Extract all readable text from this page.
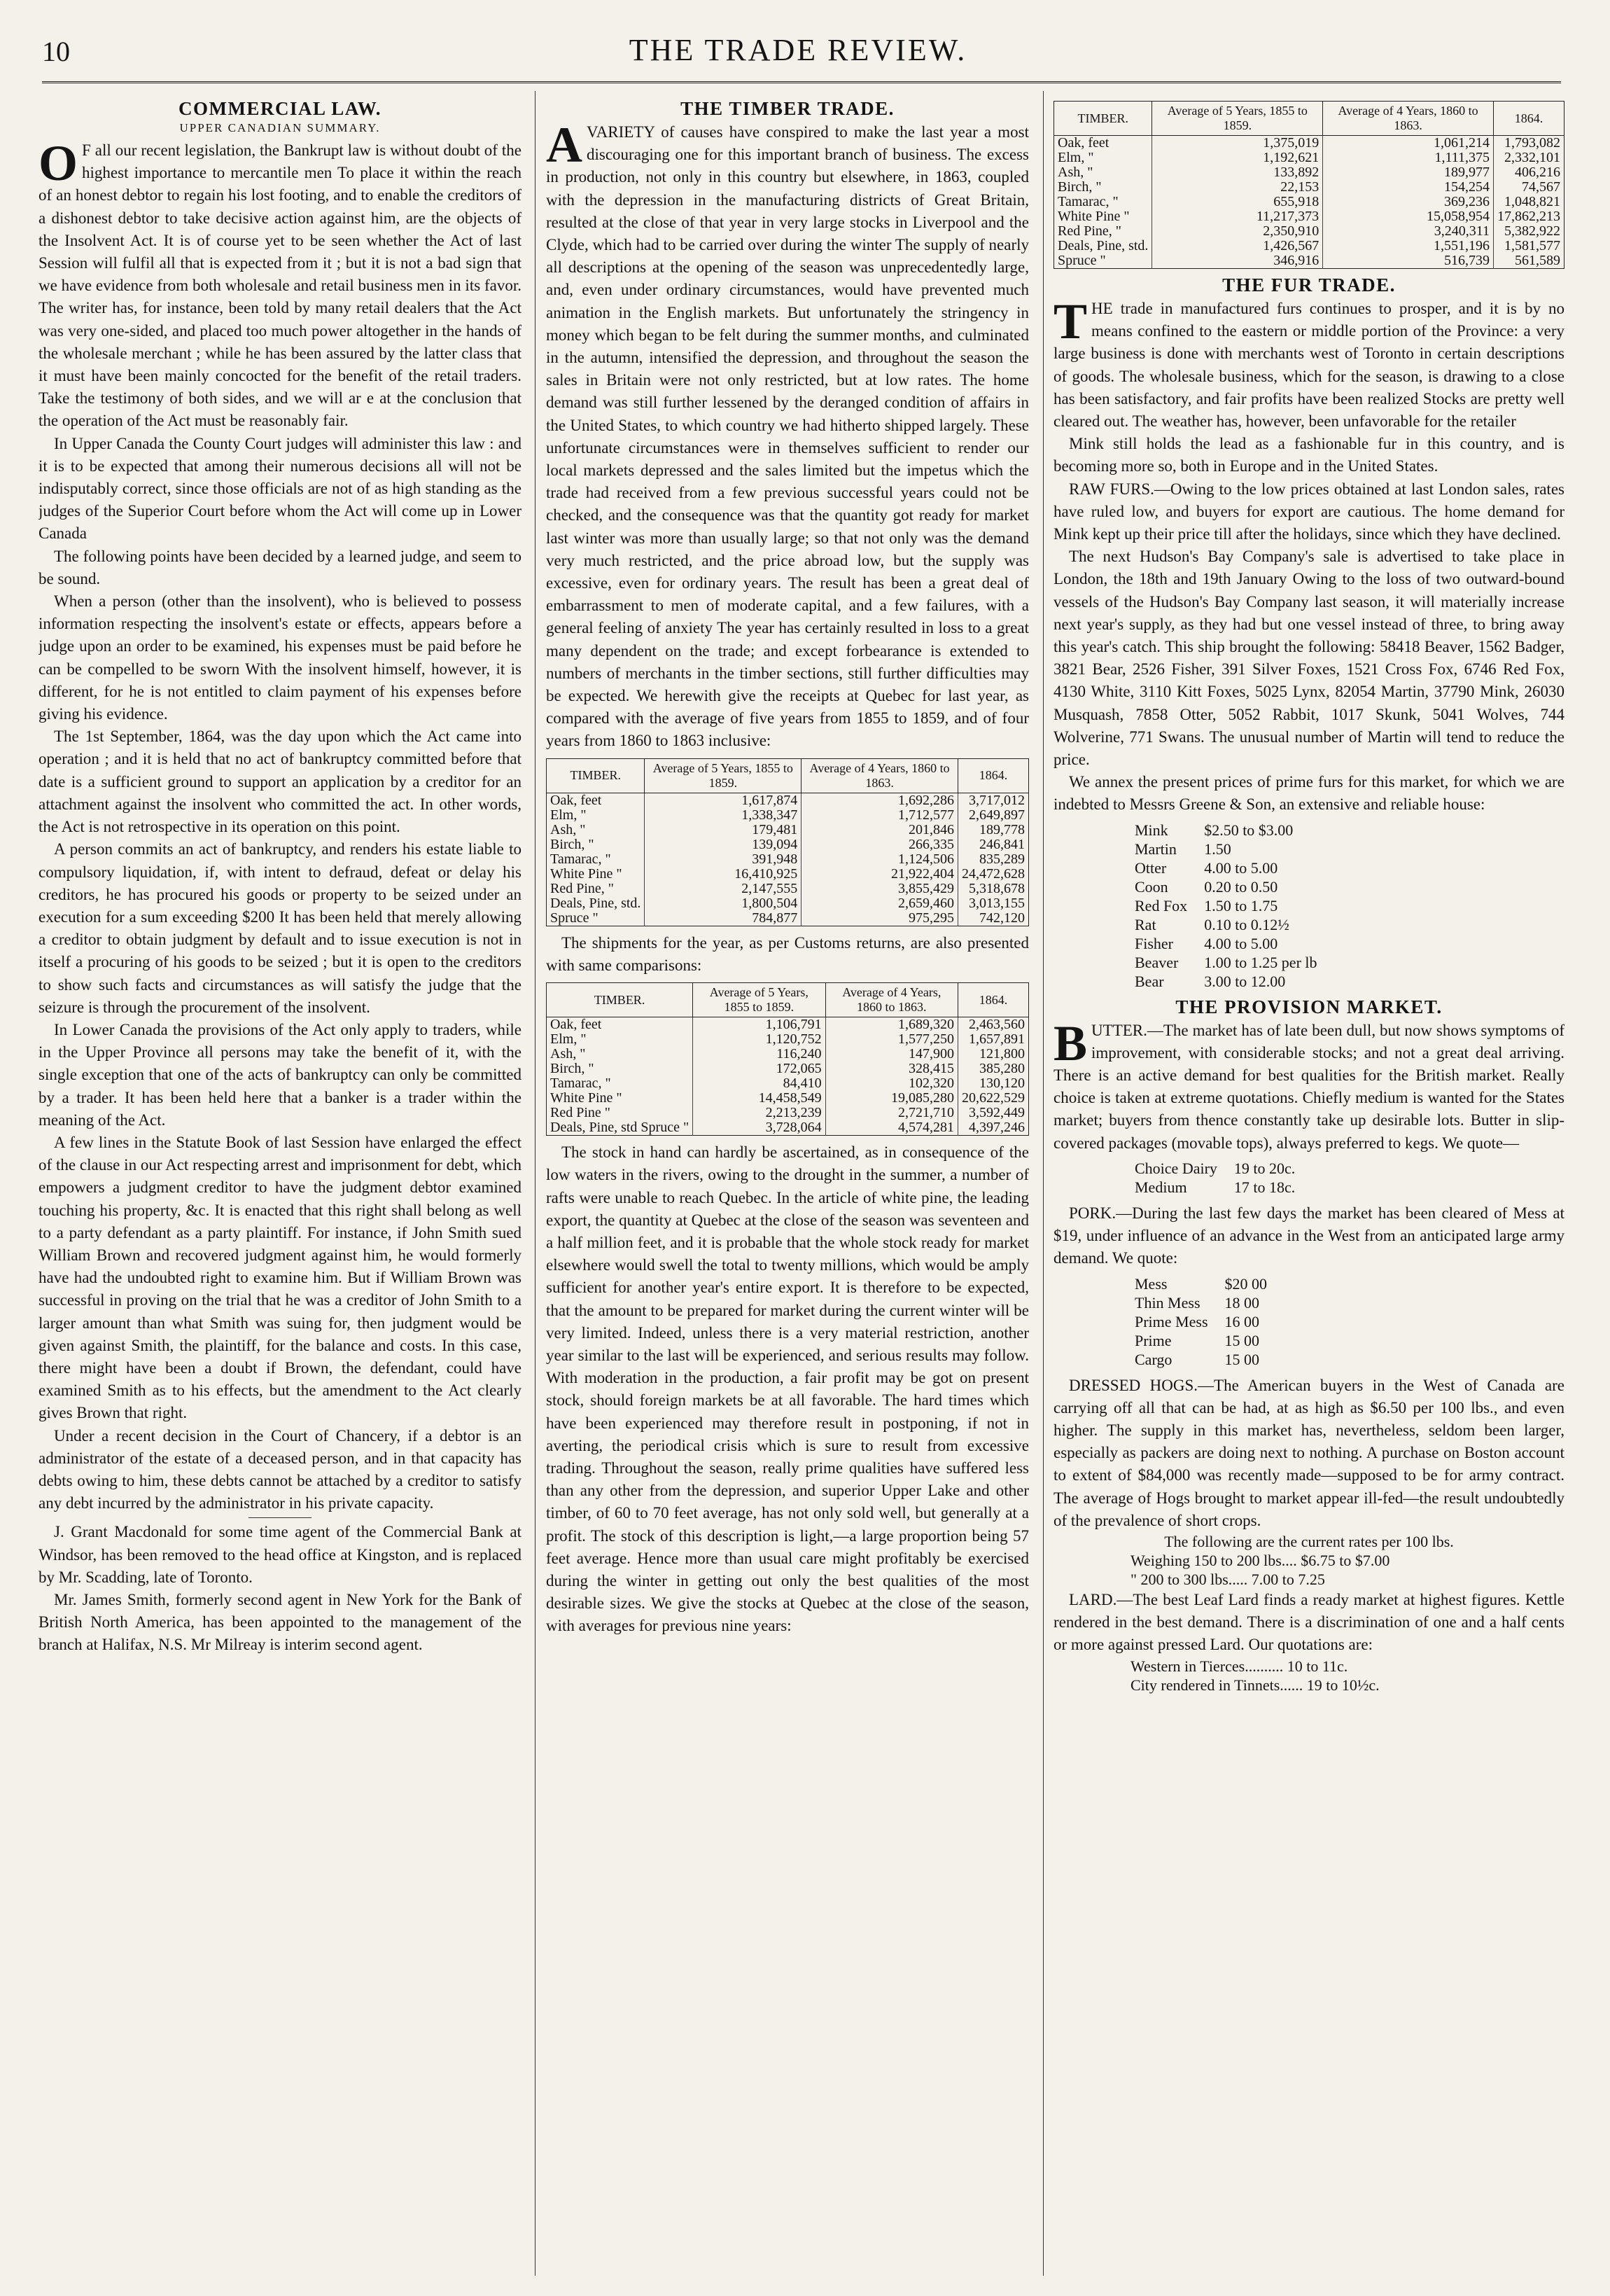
10	THE TRADE REVIEW.
COMMERCIAL LAW.
UPPER CANADIAN SUMMARY.

O F all our recent legislation, the Bankrupt law is without doubt of the highest importance to mercantile men To place it within the reach of an honest debtor to regain his lost footing, and to enable the creditors of a dishonest debtor to take decisive action against him, are the objects of the Insolvent Act. It is of course yet to be seen whether the Act of last Session will fulfil all that is expected from it ; but it is not a bad sign that we have evidence from both wholesale and retail business men in its favor. The writer has, for instance, been told by many retail dealers that the Act was very one-sided, and placed too much power altogether in the hands of the wholesale merchant ; while he has been assured by the latter class that it must have been mainly concocted for the benefit of the retail traders. Take the testimony of both sides, and we will ar e at the conclusion that the operation of the Act must be reasonably fair.

In Upper Canada the County Court judges will administer this law : and it is to be expected that among their numerous decisions all will not be indisputably correct, since those officials are not of as high standing as the judges of the Superior Court before whom the Act will come up in Lower Canada

The following points have been decided by a learned judge, and seem to be sound.

When a person (other than the insolvent), who is believed to possess information respecting the insolvent's estate or effects, appears before a judge upon an order to be examined, his expenses must be paid before he can be compelled to be sworn With the insolvent himself, however, it is different, for he is not entitled to claim payment of his expenses before giving his evidence.

The 1st September, 1864, was the day upon which the Act came into operation ; and it is held that no act of bankruptcy committed before that date is a sufficient ground to support an application by a creditor for an attachment against the insolvent who committed the act. In other words, the Act is not retrospective in its operation on this point.

A person commits an act of bankruptcy, and renders his estate liable to compulsory liquidation, if, with intent to defraud, defeat or delay his creditors, he has procured his goods or property to be seized under an execution for a sum exceeding $200 It has been held that merely allowing a creditor to obtain judgment by default and to issue execution is not in itself a procuring of his goods to be seized ; but it is open to the creditors to show such facts and circumstances as will satisfy the judge that the seizure is through the procurement of the insolvent.

In Lower Canada the provisions of the Act only apply to traders, while in the Upper Province all persons may take the benefit of it, with the single exception that one of the acts of bankruptcy can only be committed by a trader. It has been held here that a banker is a trader within the meaning of the Act.

A few lines in the Statute Book of last Session have enlarged the effect of the clause in our Act respecting arrest and imprisonment for debt, which empowers a judgment creditor to have the judgment debtor examined touching his property, &c. It is enacted that this right shall belong as well to a party defendant as a party plaintiff. For instance, if John Smith sued William Brown and recovered judgment against him, he would formerly have had the undoubted right to examine him. But if William Brown was successful in proving on the trial that he was a creditor of John Smith to a larger amount than what Smith was suing for, then judgment would be given against Smith, the plaintiff, for the balance and costs. In this case, there might have been a doubt if Brown, the defendant, could have examined Smith as to his effects, but the amendment to the Act clearly gives Brown that right.

Under a recent decision in the Court of Chancery, if a debtor is an administrator of the estate of a deceased person, and in that capacity has debts owing to him, these debts cannot be attached by a creditor to satisfy any debt incurred by the administrator in his private capacity.

J. Grant Macdonald for some time agent of the Commercial Bank at Windsor, has been removed to the head office at Kingston, and is replaced by Mr. Scadding, late of Toronto.

Mr. James Smith, formerly second agent in New York for the Bank of British North America, has been appointed to the management of the branch at Halifax, N.S. Mr Milreay is interim second agent.

THE TIMBER TRADE.

AVARIETY of causes have conspired to make the last year a most discouraging one for this important branch of business. The excess in production, not only in this country but elsewhere, in 1863, coupled with the depression in the manufacturing districts of Great Britain, resulted at the close of that year in very large stocks in Liverpool and the Clyde, which had to be carried over during the winter The supply of nearly all descriptions at the opening of the season was unprecedentedly large, and, even under ordinary circumstances, would have prevented much animation in the English markets. But unfortunately the stringency in money which began to be felt during the summer months, and culminated in the autumn, intensified the depression, and throughout the season the sales in Britain were not only restricted, but at low rates. The home demand was still further lessened by the deranged condition of affairs in the United States, to which country we had hitherto shipped largely. These unfortunate circumstances were in themselves sufficient to render our local markets depressed and the sales limited but the impetus which the trade had received from a few previous successful years could not be checked, and the consequence was that the quantity got ready for market last winter was more than usually large; so that not only was the demand very much restricted, and the price abroad low, but the supply was excessive, even for ordinary years. The result has been a great deal of embarrassment to men of moderate capital, and a few failures, with a general feeling of anxiety The year has certainly resulted in loss to a great many dependent on the trade; and except forbearance is extended to numbers of merchants in the timber sections, still further difficulties may be expected. We herewith give the receipts at Quebec for last year, as compared with the average of five years from 1855 to 1859, and of four years from 1860 to 1863 inclusive:

TIMBER.	Average of 5 Years, 1855 to 1859.	Average of 4 Years, 1860 to 1863.	1864.
Oak, feet	1,617,874	1,692,286	3,717,012
Elm, "	1,338,347	1,712,577	2,649,897
Ash, "	179,481	201,846	189,778
Birch, "	139,094	266,335	246,841
Tamarac, "	391,948	1,124,506	835,289
White Pine "	16,410,925	21,922,404	24,472,628
Red Pine, "	2,147,555	3,855,429	5,318,678
Deals, Pine, std.	1,800,504	2,659,460	3,013,155
Spruce "	784,877	975,295	742,120

The shipments for the year, as per Customs returns, are also presented with same comparisons:

TIMBER.	Average of 5 Years, 1855 to 1859.	Average of 4 Years, 1860 to 1863.	1864.
Oak, feet	1,106,791	1,689,320	2,463,560
Elm, "	1,120,752	1,577,250	1,657,891
Ash, "	116,240	147,900	121,800
Birch, "	172,065	328,415	385,280
Tamarac, "	84,410	102,320	130,120
White Pine "	14,458,549	19,085,280	20,622,529
Red Pine "	2,213,239	2,721,710	3,592,449
Deals, Pine, std Spruce "	3,728,064	4,574,281	4,397,246

The stock in hand can hardly be ascertained, as in consequence of the low waters in the rivers, owing to the drought in the summer, a number of rafts were unable to reach Quebec. In the article of white pine, the leading export, the quantity at Quebec at the close of the season was seventeen and a half million feet, and it is probable that the whole stock ready for market elsewhere would swell the total to twenty millions, which would be amply sufficient for another year's entire export. It is therefore to be expected, that the amount to be prepared for market during the current winter will be very limited. Indeed, unless there is a very material restriction, another year similar to the last will be experienced, and serious results may follow. With moderation in the production, a fair profit may be got on present stock, should foreign markets be at all favorable. The hard times which have been experienced may therefore result in postponing, if not in averting, the periodical crisis which is sure to result from excessive trading. Throughout the season, really prime qualities have suffered less than any other from the depression, and superior Upper Lake and other timber, of 60 to 70 feet average, has not only sold well, but generally at a profit. The stock of this description is light,—a large proportion being 57 feet average. Hence more than usual care might profitably be exercised during the winter in getting out only the best qualities of the most desirable sizes. We give the stocks at Quebec at the close of the season, with averages for previous nine years:

TIMBER.	Average of 5 Years, 1855 to 1859.	Average of 4 Years, 1860 to 1863.	1864.
Oak, feet	1,375,019	1,061,214	1,793,082
Elm, "	1,192,621	1,111,375	2,332,101
Ash, "	133,892	189,977	406,216
Birch, "	22,153	154,254	74,567
Tamarac, "	655,918	369,236	1,048,821
White Pine "	11,217,373	15,058,954	17,862,213
Red Pine, "	2,350,910	3,240,311	5,382,922
Deals, Pine, std.	1,426,567	1,551,196	1,581,577
Spruce "	346,916	516,739	561,589
THE FUR TRADE.

THE trade in manufactured furs continues to prosper, and it is by no means confined to the eastern or middle portion of the Province: a very large business is done with merchants west of Toronto in certain descriptions of goods. The wholesale business, which for the season, is drawing to a close has been satisfactory, and fair profits have been realized Stocks are pretty well cleared out. The weather has, however, been unfavorable for the retailer

Mink still holds the lead as a fashionable fur in this country, and is becoming more so, both in Europe and in the United States.

RAW FURS.—Owing to the low prices obtained at last London sales, rates have ruled low, and buyers for export are cautious. The home demand for Mink kept up their price till after the holidays, since which they have declined.

The next Hudson's Bay Company's sale is advertised to take place in London, the 18th and 19th January Owing to the loss of two outward-bound vessels of the Hudson's Bay Company last season, it will materially increase next year's supply, as they had but one vessel instead of three, to bring away this year's catch. This ship brought the following: 58418 Beaver, 1562 Badger, 3821 Bear, 2526 Fisher, 391 Silver Foxes, 1521 Cross Fox, 6746 Red Fox, 4130 White, 3110 Kitt Foxes, 5025 Lynx, 82054 Martin, 37790 Mink, 26030 Musquash, 7858 Otter, 5052 Rabbit, 1017 Skunk, 5041 Wolves, 744 Wolverine, 771 Swans. The unusual number of Martin will tend to reduce the price.

We annex the present prices of prime furs for this market, for which we are indebted to Messrs Greene & Son, an extensive and reliable house:

Mink	$2.50 to $3.00
Martin	1.50
Otter	4.00 to 5.00
Coon	0.20 to 0.50
Red Fox	1.50 to 1.75
Rat	0.10 to 0.12½
Fisher	4.00 to 5.00
Beaver	1.00 to 1.25 per lb
Bear	3.00 to 12.00
THE PROVISION MARKET.

BUTTER.—The market has of late been dull, but now shows symptoms of improvement, with considerable stocks; and not a great deal arriving. There is an active demand for best qualities for the British market. Really choice is taken at extreme quotations. Chiefly medium is wanted for the States market; buyers from thence constantly take up desirable lots. Butter in slip-covered packages (movable tops), always preferred to kegs. We quote—

Choice Dairy	19 to 20c.
Medium	17 to 18c.

PORK.—During the last few days the market has been cleared of Mess at $19, under influence of an advance in the West from an anticipated large army demand. We quote:

Mess	$20 00
Thin Mess	18 00
Prime Mess	16 00
Prime	15 00
Cargo	15 00

DRESSED HOGS.—The American buyers in the West of Canada are carrying off all that can be had, at as high as $6.50 per 100 lbs., and even higher. The supply in this market has, nevertheless, seldom been larger, especially as packers are doing next to nothing. A purchase on Boston account to extent of $84,000 was recently made—supposed to be for army contract. The average of Hogs brought to market appear ill-fed—the result undoubtedly of the prevalence of short crops.

The following are the current rates per 100 lbs.
Weighing 150 to 200 lbs.... $6.75 to $7.00
" 200 to 300 lbs..... 7.00 to 7.25

LARD.—The best Leaf Lard finds a ready market at highest figures. Kettle rendered in the best demand. There is a discrimination of one and a half cents or more against pressed Lard. Our quotations are:

Western in Tierces.......... 10 to 11c.
City rendered in Tinnets...... 19 to 10½c.
